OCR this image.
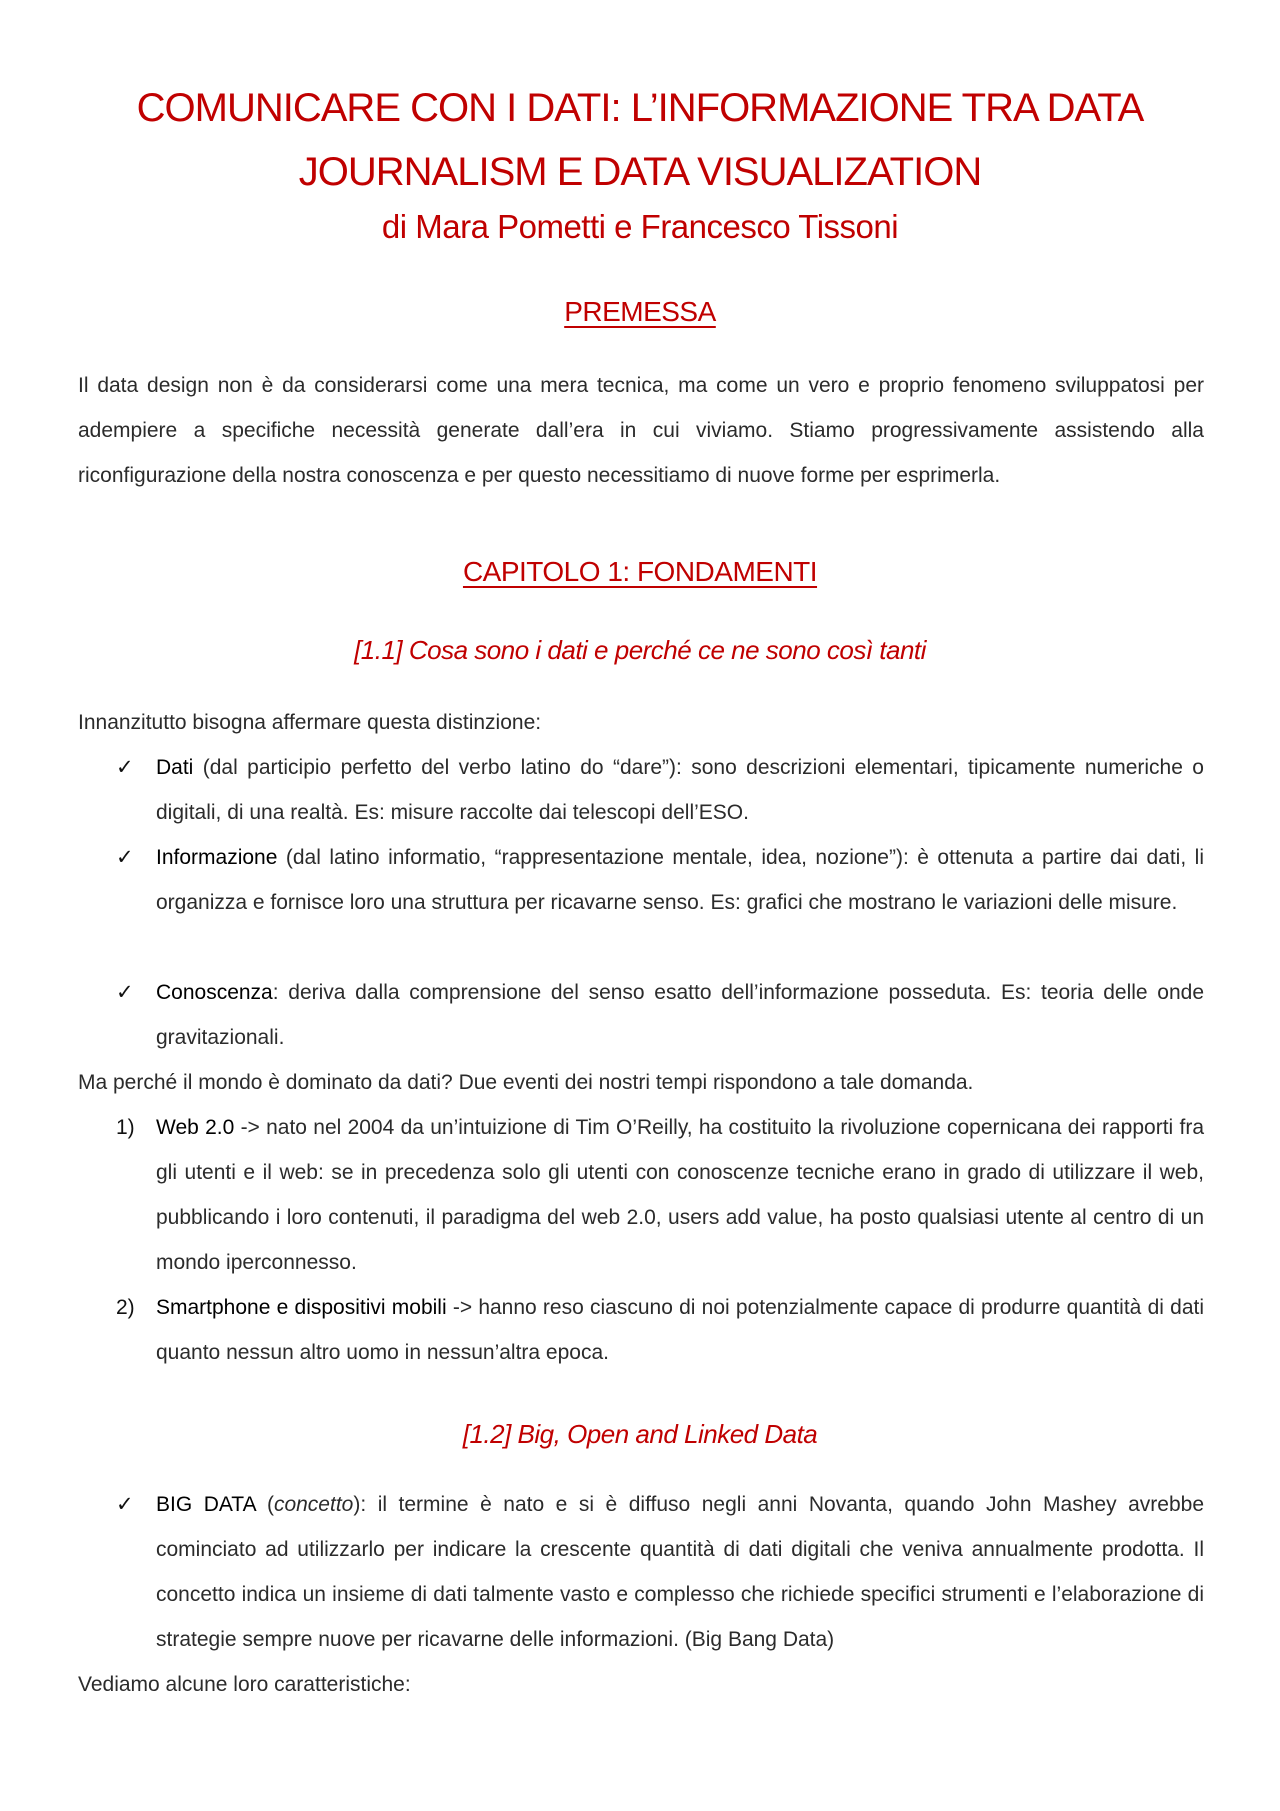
COMUNICARE CON I DATI: L’INFORMAZIONE TRA DATA
JOURNALISM E DATA VISUALIZATION
di Mara Pometti e Francesco Tissoni
PREMESSA

Il data design non è da considerarsi come una mera tecnica, ma come un vero e proprio fenomeno sviluppatosi per adempiere a specifiche necessità generate dall’era in cui viviamo. Stiamo progressivamente assistendo alla riconfigurazione della nostra conoscenza e per questo necessitiamo di nuove forme per esprimerla.

CAPITOLO 1: FONDAMENTI
[1.1] Cosa sono i dati e perché ce ne sono così tanti

Innanzitutto bisogna affermare questa distinzione:

✓	Dati (dal participio perfetto del verbo latino do “dare”): sono descrizioni elementari, tipicamente numeriche o digitali, di una realtà. Es: misure raccolte dai telescopi dell’ESO.
✓	Informazione (dal latino informatio, “rappresentazione mentale, idea, nozione”): è ottenuta a partire dai dati, li organizza e fornisce loro una struttura per ricavarne senso. Es: grafici che mostrano le variazioni delle misure.
✓	Conoscenza: deriva dalla comprensione del senso esatto dell’informazione posseduta. Es: teoria delle onde gravitazionali.

Ma perché il mondo è dominato da dati? Due eventi dei nostri tempi rispondono a tale domanda.

1)	Web 2.0 -> nato nel 2004 da un’intuizione di Tim O’Reilly, ha costituito la rivoluzione copernicana dei rapporti fra gli utenti e il web: se in precedenza solo gli utenti con conoscenze tecniche erano in grado di utilizzare il web, pubblicando i loro contenuti, il paradigma del web 2.0, users add value, ha posto qualsiasi utente al centro di un mondo iperconnesso.
2)	Smartphone e dispositivi mobili -> hanno reso ciascuno di noi potenzialmente capace di produrre quantità di dati quanto nessun altro uomo in nessun’altra epoca.
[1.2] Big, Open and Linked Data
✓	BIG DATA (concetto): il termine è nato e si è diffuso negli anni Novanta, quando John Mashey avrebbe cominciato ad utilizzarlo per indicare la crescente quantità di dati digitali che veniva annualmente prodotta. Il concetto indica un insieme di dati talmente vasto e complesso che richiede specifici strumenti e l’elaborazione di strategie sempre nuove per ricavarne delle informazioni. (Big Bang Data)

Vediamo alcune loro caratteristiche:
